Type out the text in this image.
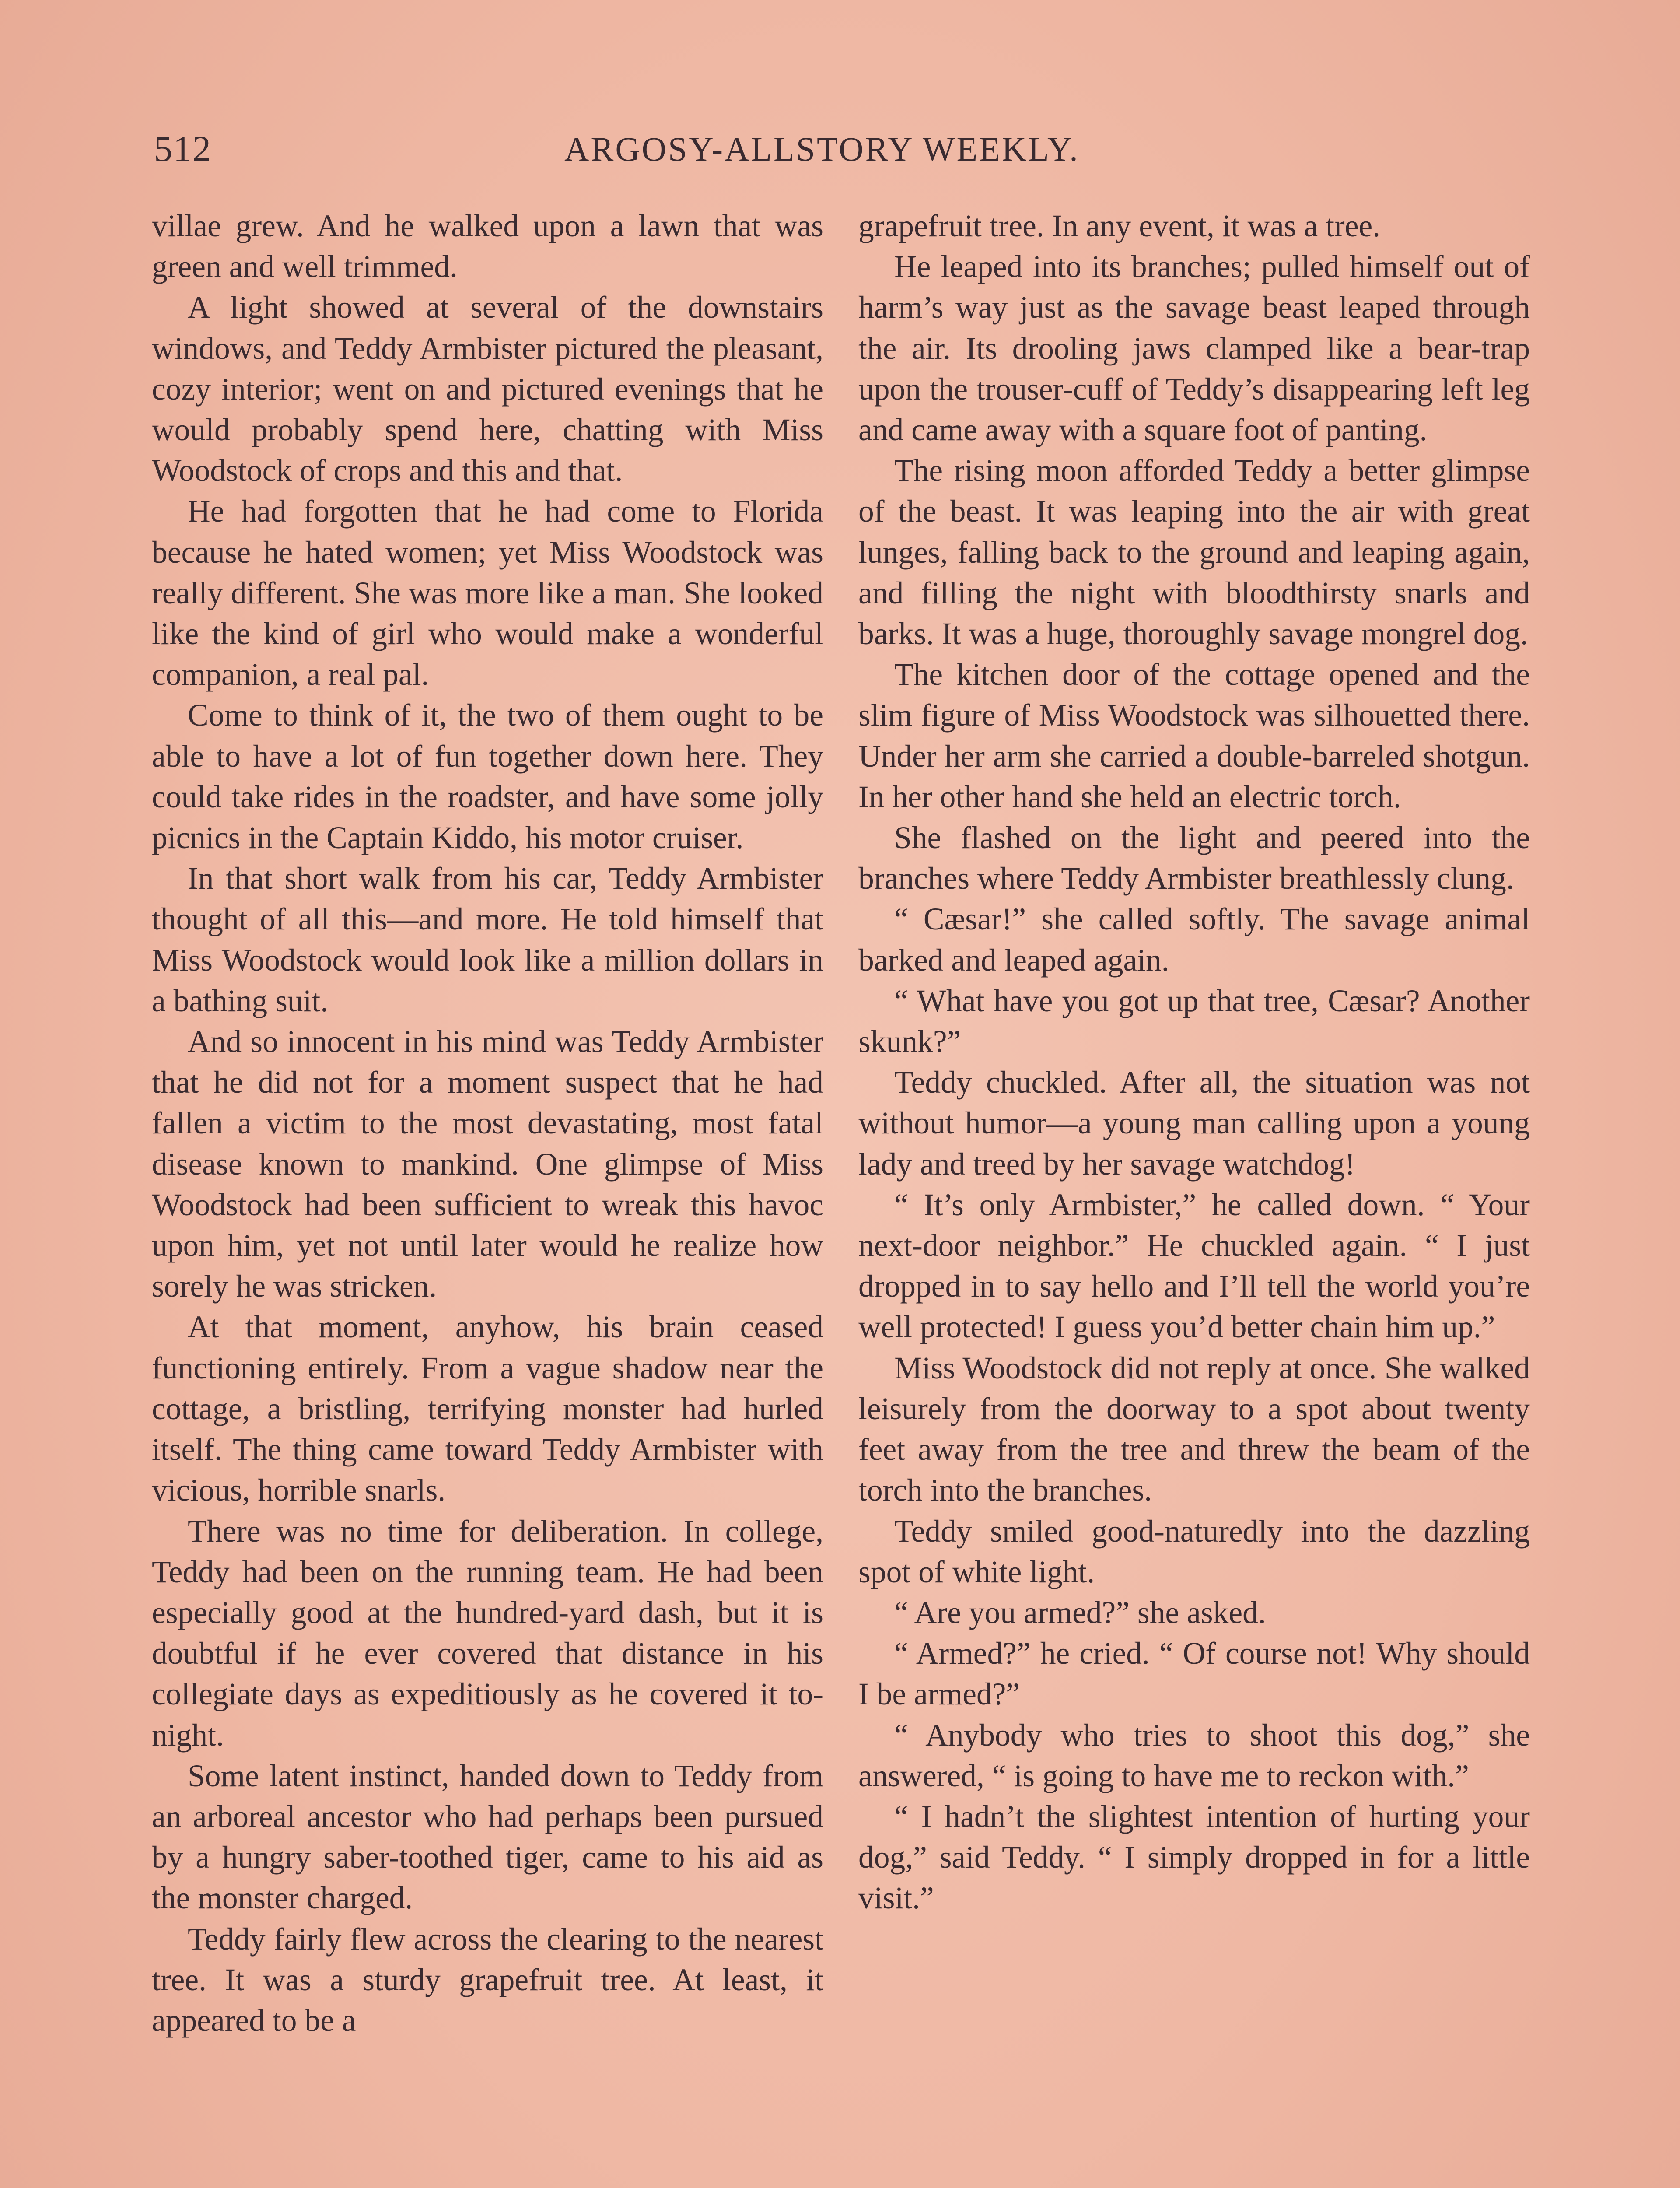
512	ARGOSY-ALLSTORY WEEKLY.

villae grew. And he walked upon a lawn that was green and well trimmed.

A light showed at several of the downstairs windows, and Teddy Armbister pictured the pleasant, cozy interior; went on and pictured evenings that he would probably spend here, chatting with Miss Woodstock of crops and this and that.

He had forgotten that he had come to Florida because he hated women; yet Miss Woodstock was really different. She was more like a man. She looked like the kind of girl who would make a wonderful companion, a real pal.

Come to think of it, the two of them ought to be able to have a lot of fun together down here. They could take rides in the roadster, and have some jolly picnics in the Captain Kiddo, his motor cruiser.

In that short walk from his car, Teddy Armbister thought of all this—and more. He told himself that Miss Woodstock would look like a million dollars in a bathing suit.

And so innocent in his mind was Teddy Armbister that he did not for a moment suspect that he had fallen a victim to the most devastating, most fatal disease known to mankind. One glimpse of Miss Woodstock had been sufficient to wreak this havoc upon him, yet not until later would he realize how sorely he was stricken.

At that moment, anyhow, his brain ceased functioning entirely. From a vague shadow near the cottage, a bristling, terrifying monster had hurled itself. The thing came toward Teddy Armbister with vicious, horrible snarls.

There was no time for deliberation. In college, Teddy had been on the running team. He had been especially good at the hundred-yard dash, but it is doubtful if he ever covered that distance in his collegiate days as expeditiously as he covered it tonight.

Some latent instinct, handed down to Teddy from an arboreal ancestor who had perhaps been pursued by a hungry saber-toothed tiger, came to his aid as the monster charged.

Teddy fairly flew across the clearing to the nearest tree. It was a sturdy grapefruit tree. At least, it appeared to be a

grapefruit tree. In any event, it was a tree.

He leaped into its branches; pulled himself out of harm’s way just as the savage beast leaped through the air. Its drooling jaws clamped like a bear-trap upon the trouser-cuff of Teddy’s disappearing left leg and came away with a square foot of panting.

The rising moon afforded Teddy a better glimpse of the beast. It was leaping into the air with great lunges, falling back to the ground and leaping again, and filling the night with bloodthirsty snarls and barks. It was a huge, thoroughly savage mongrel dog.

The kitchen door of the cottage opened and the slim figure of Miss Woodstock was silhouetted there. Under her arm she carried a double-barreled shotgun. In her other hand she held an electric torch.

She flashed on the light and peered into the branches where Teddy Armbister breathlessly clung.

“ Cæsar!” she called softly. The savage animal barked and leaped again.

“ What have you got up that tree, Cæsar? Another skunk?”

Teddy chuckled. After all, the situation was not without humor—a young man calling upon a young lady and treed by her savage watchdog!

“ It’s only Armbister,” he called down. “ Your next-door neighbor.” He chuckled again. “ I just dropped in to say hello and I’ll tell the world you’re well protected! I guess you’d better chain him up.”

Miss Woodstock did not reply at once. She walked leisurely from the doorway to a spot about twenty feet away from the tree and threw the beam of the torch into the branches.

Teddy smiled good-naturedly into the dazzling spot of white light.

“ Are you armed?” she asked.

“ Armed?” he cried. “ Of course not! Why should I be armed?”

“ Anybody who tries to shoot this dog,” she answered, “ is going to have me to reckon with.”

“ I hadn’t the slightest intention of hurting your dog,” said Teddy. “ I simply dropped in for a little visit.”
